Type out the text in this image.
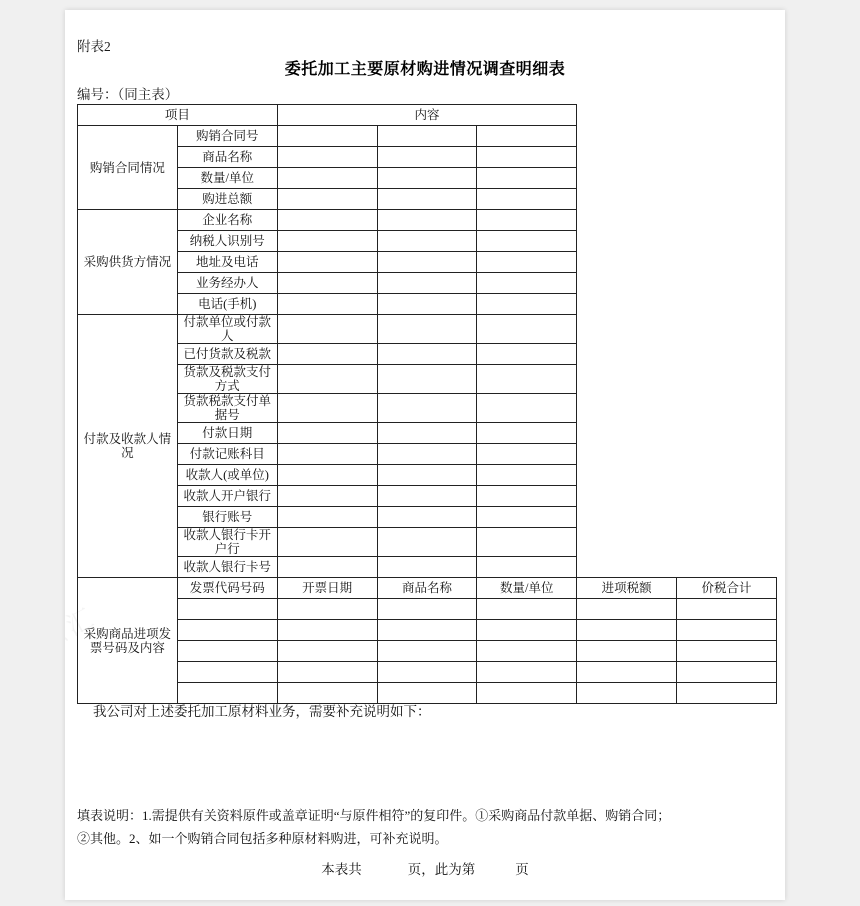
附表2
委托加工主要原材购进情况调查明细表
编号：（同主表）
项目		内容				
购销合同情况	购销合同号					
	商品名称					
	数量/单位					
	购进总额					
采购供货方情况	企业名称					
	纳税人识别号					
	地址及电话					
	业务经办人					
	电话(手机)					
付款及收款人情况	付款单位或付款人					
	已付货款及税款					
	货款及税款支付方式					
	货款税款支付单据号					
	付款日期					
	付款记账科目					
	收款人(或单位)					
	收款人开户银行					
	银行账号					
	收款人银行卡开户行					
	收款人银行卡号					
采购商品进项发票号码及内容	发票代码号码	开票日期	商品名称	数量/单位	进项税额	价税合计

我公司对上述委托加工原材料业务，需要补充说明如下：
填表说明：1.需提供有关资料原件或盖章证明“与原件相符”的复印件。①采购商品付款单据、购销合同；
②其他。2、如一个购销合同包括多种原材料购进，可补充说明。
本表共	页，此为第	页
